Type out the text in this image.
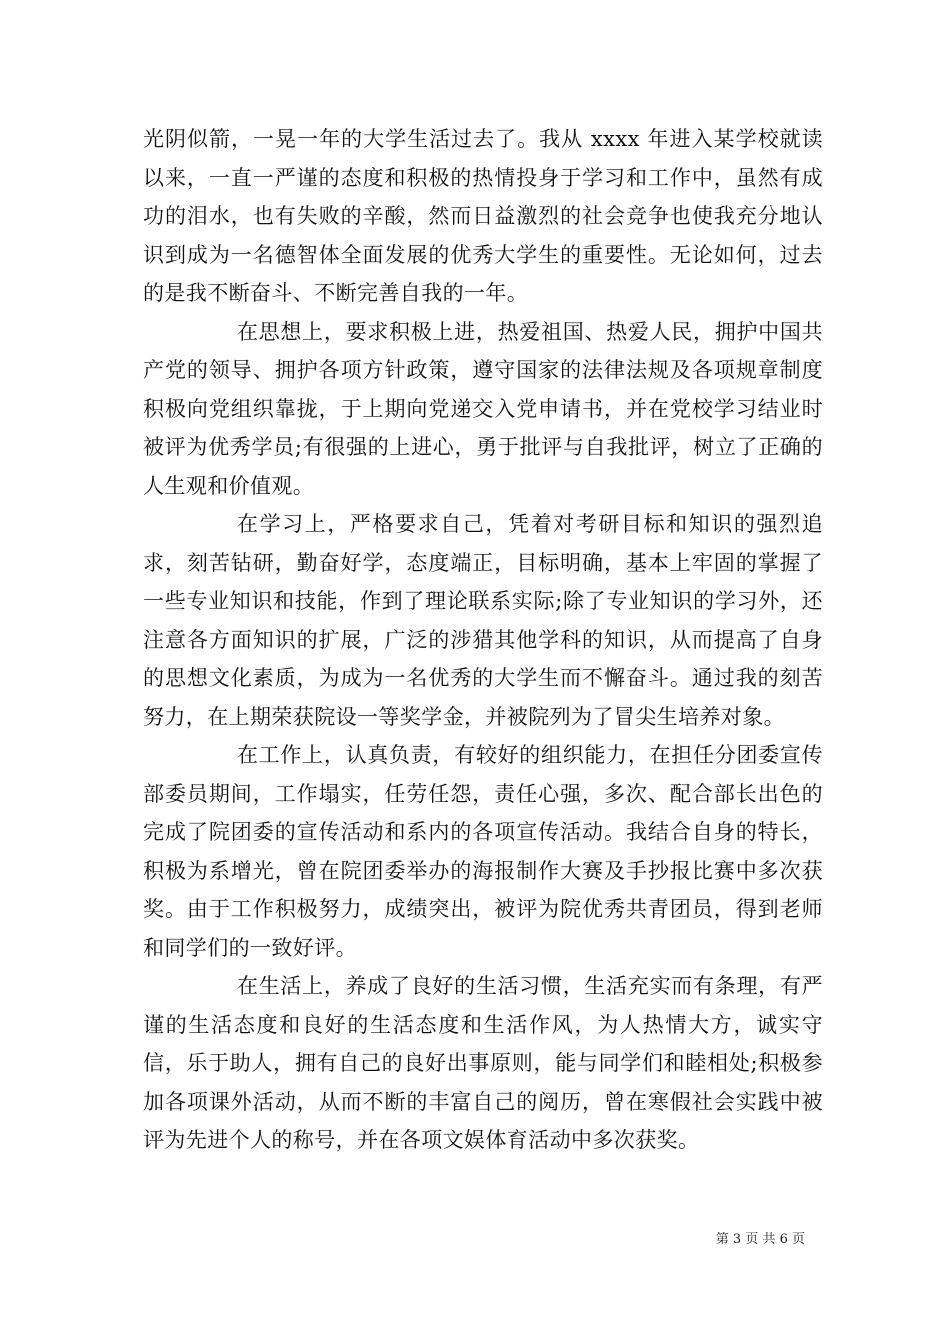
光阴似箭，一晃一年的大学生活过去了。我从 xxxx 年进入某学校就读以来，一直一严谨的态度和积极的热情投身于学习和工作中，虽然有成功的泪水，也有失败的辛酸，然而日益激烈的社会竞争也使我充分地认识到成为一名德智体全面发展的优秀大学生的重要性。无论如何，过去的是我不断奋斗、不断完善自我的一年。

在思想上，要求积极上进，热爱祖国、热爱人民，拥护中国共产党的领导、拥护各项方针政策，遵守国家的法律法规及各项规章制度积极向党组织靠拢，于上期向党递交入党申请书，并在党校学习结业时被评为优秀学员;有很强的上进心，勇于批评与自我批评，树立了正确的人生观和价值观。

在学习上，严格要求自己，凭着对考研目标和知识的强烈追求，刻苦钻研，勤奋好学，态度端正，目标明确，基本上牢固的掌握了一些专业知识和技能，作到了理论联系实际;除了专业知识的学习外，还注意各方面知识的扩展，广泛的涉猎其他学科的知识，从而提高了自身的思想文化素质，为成为一名优秀的大学生而不懈奋斗。通过我的刻苦努力，在上期荣获院设一等奖学金，并被院列为了冒尖生培养对象。

在工作上，认真负责，有较好的组织能力，在担任分团委宣传部委员期间，工作塌实，任劳任怨，责任心强，多次、配合部长出色的完成了院团委的宣传活动和系内的各项宣传活动。我结合自身的特长，积极为系增光，曾在院团委举办的海报制作大赛及手抄报比赛中多次获奖。由于工作积极努力，成绩突出，被评为院优秀共青团员，得到老师和同学们的一致好评。

在生活上，养成了良好的生活习惯，生活充实而有条理，有严谨的生活态度和良好的生活态度和生活作风，为人热情大方，诚实守信，乐于助人，拥有自己的良好出事原则，能与同学们和睦相处;积极参加各项课外活动，从而不断的丰富自己的阅历，曾在寒假社会实践中被评为先进个人的称号，并在各项文娱体育活动中多次获奖。

第 3 页 共 6 页
